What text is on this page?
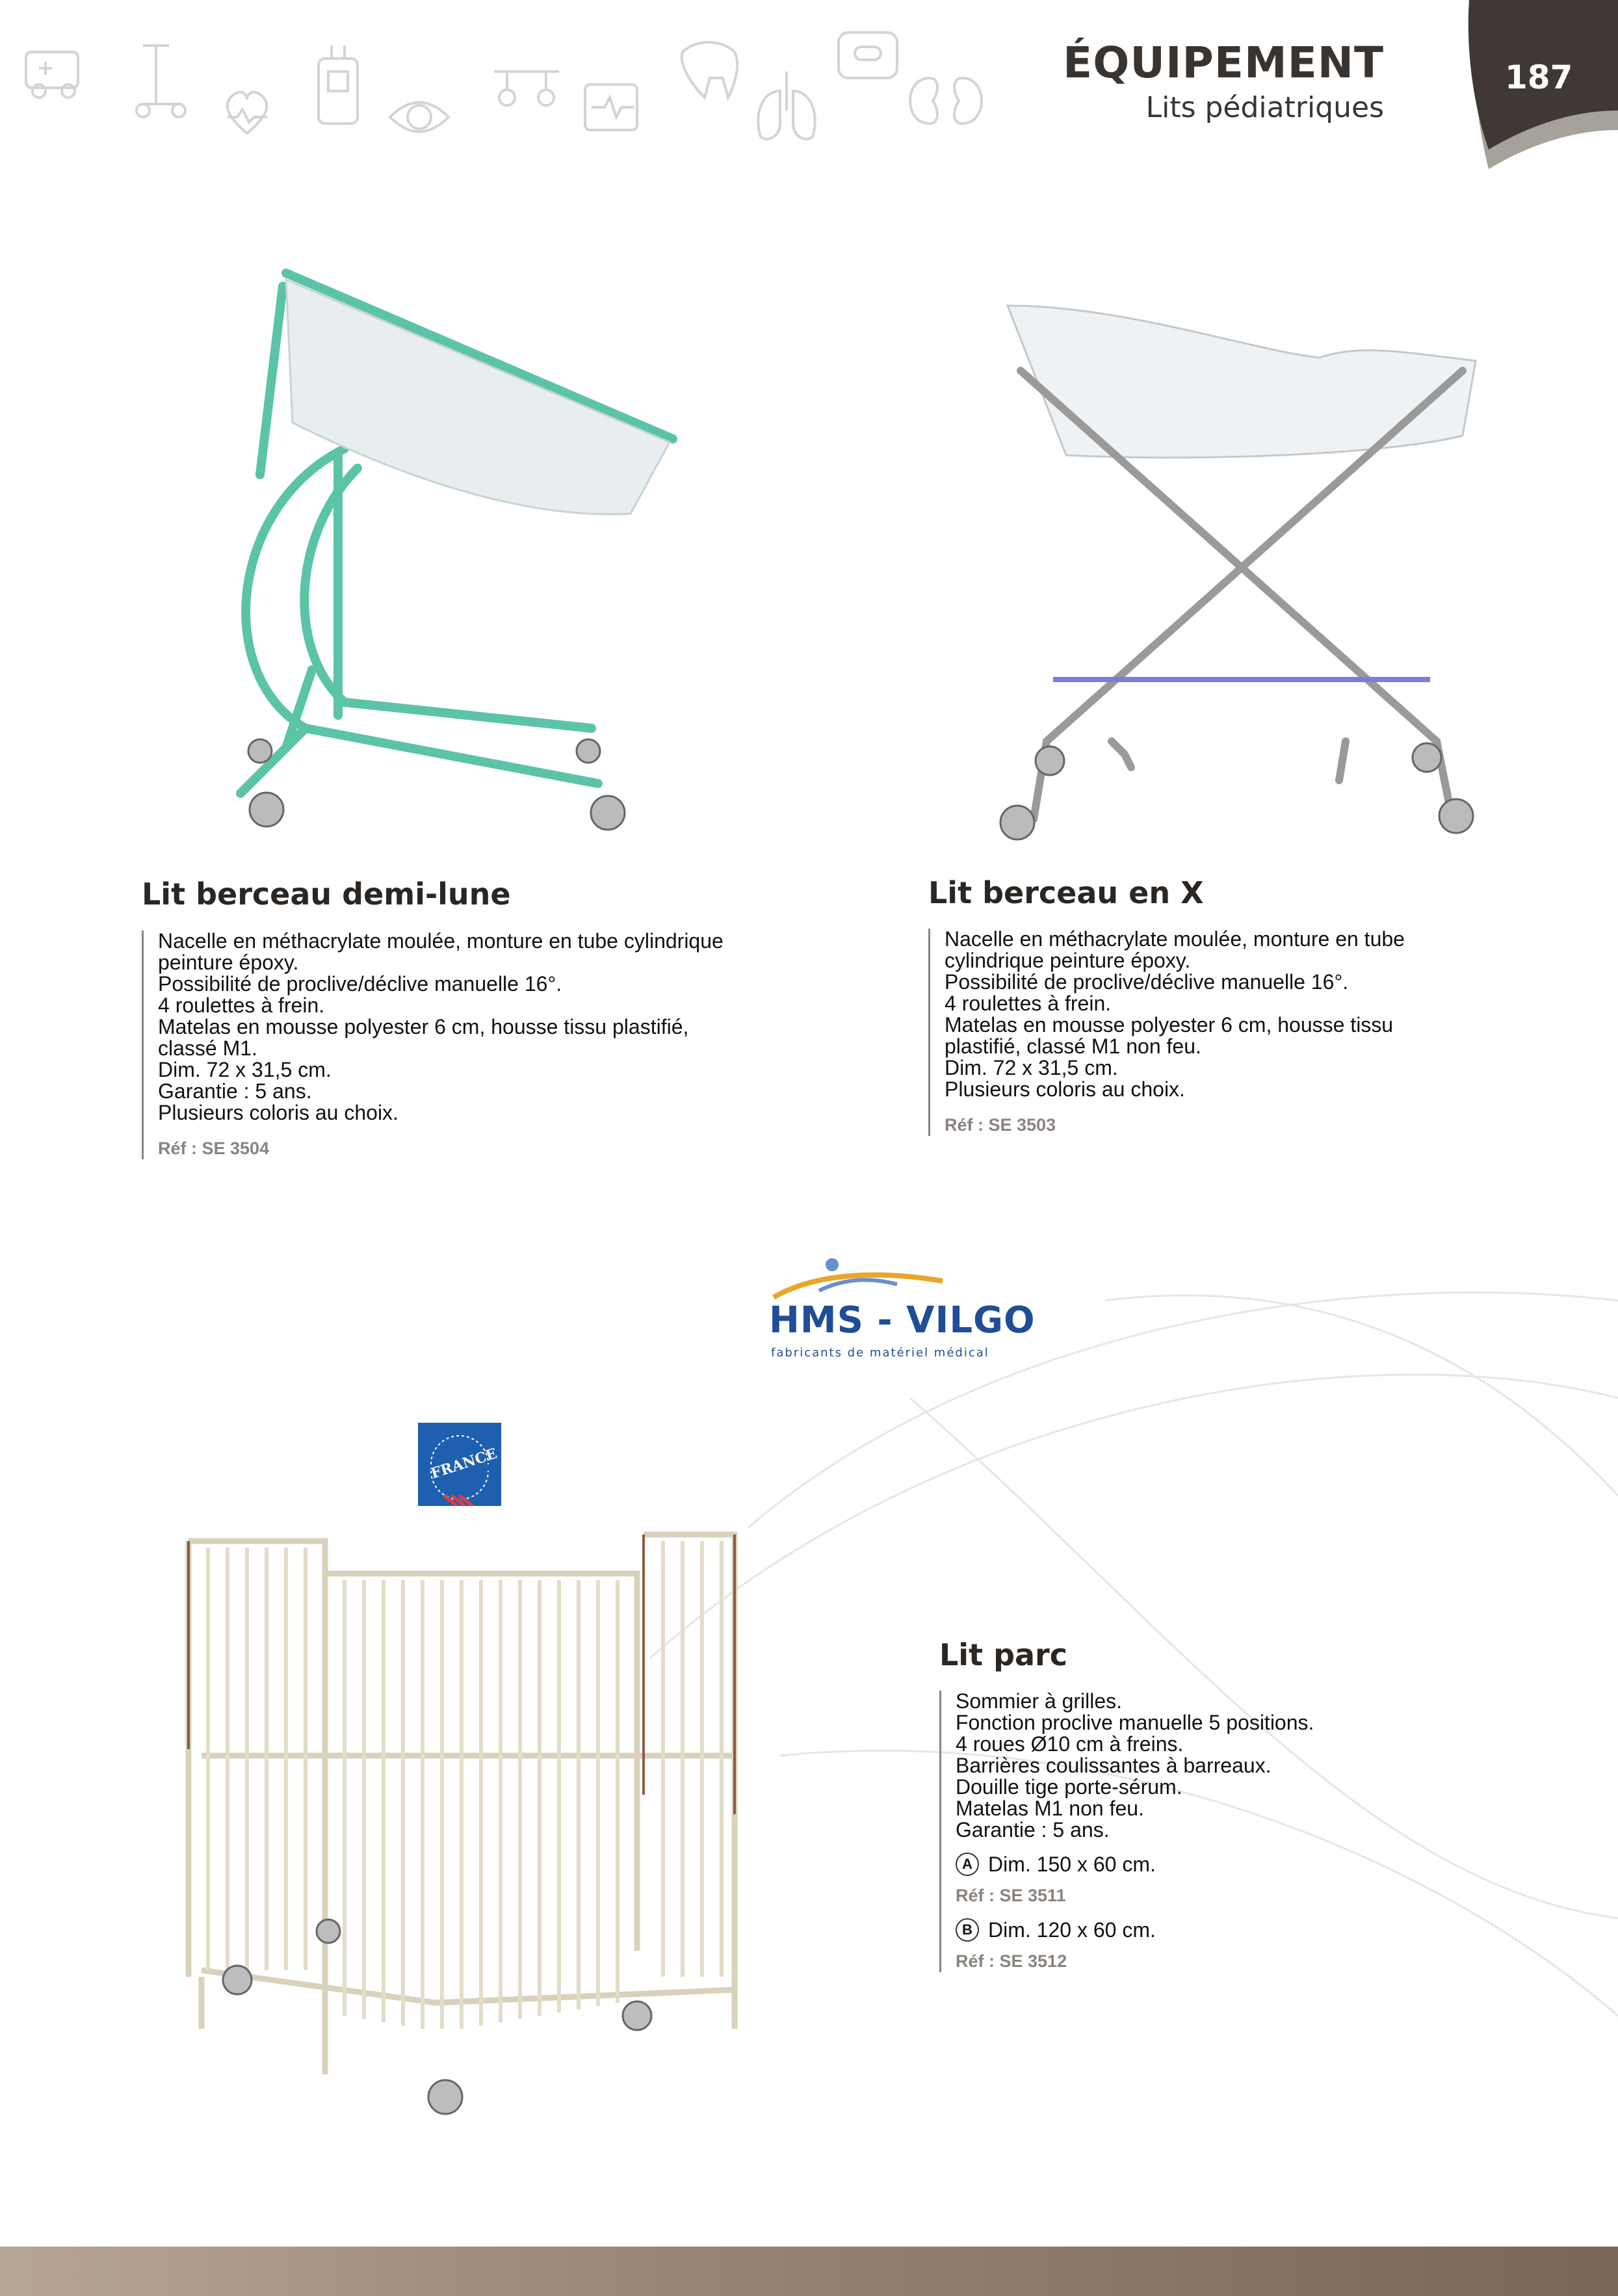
ÉQUIPEMENT
Lits pédiatriques
187
Lit berceau demi-lune

Nacelle en méthacrylate moulée, monture en tube cylindrique

peinture époxy.

Possibilité de proclive/déclive manuelle 16°.

4 roulettes à frein.

Matelas en mousse polyester 6 cm, housse tissu plastifié,

classé M1.

Dim. 72 x 31,5 cm.

Garantie : 5 ans.

Plusieurs coloris au choix.

Réf : SE 3504
Lit berceau en X

Nacelle en méthacrylate moulée, monture en tube

cylindrique peinture époxy.

Possibilité de proclive/déclive manuelle 16°.

4 roulettes à frein.

Matelas en mousse polyester 6 cm, housse tissu

plastifié, classé M1 non feu.

Dim. 72 x 31,5 cm.

Plusieurs coloris au choix.

Réf : SE 3503
HMS - VILGO
fabricants de matériel médical
FRANCE
Lit parc

Sommier à grilles.

Fonction proclive manuelle 5 positions.

4 roues Ø10 cm à freins.

Barrières coulissantes à barreaux.

Douille tige porte-sérum.

Matelas M1 non feu.

Garantie : 5 ans.

A Dim. 150 x 60 cm.
Réf : SE 3511
B Dim. 120 x 60 cm.
Réf : SE 3512
